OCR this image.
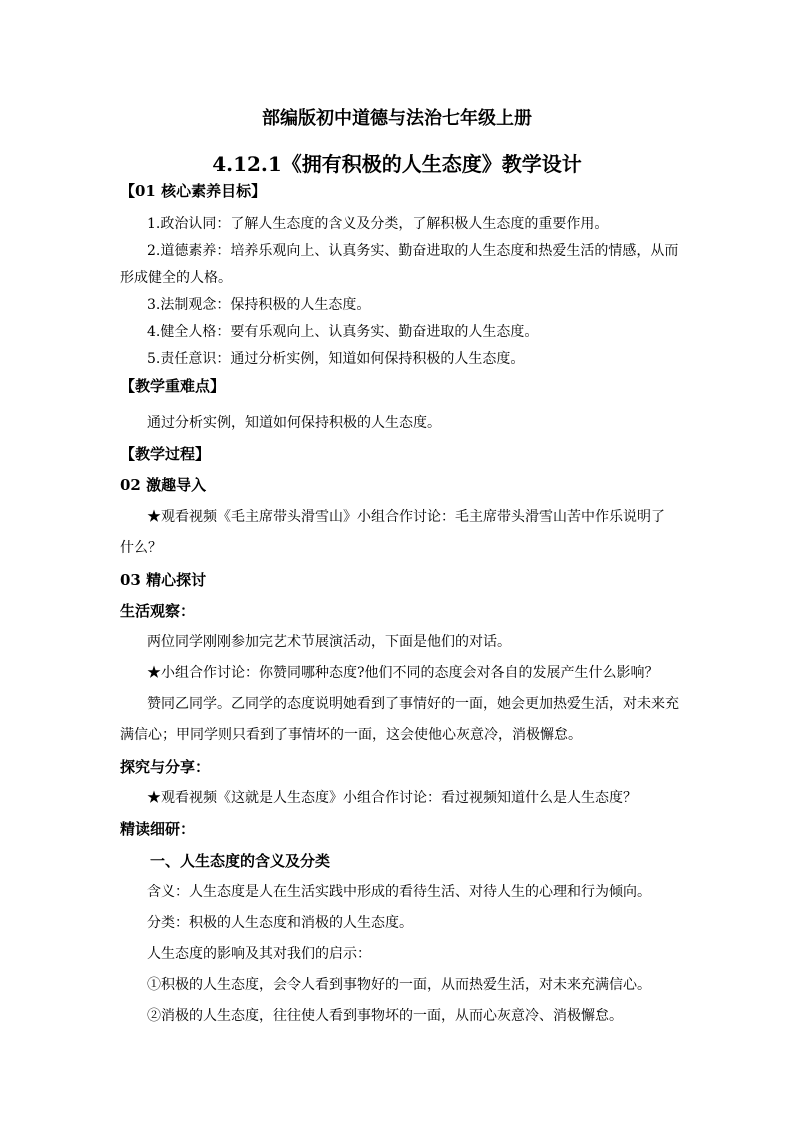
部编版初中道德与法治七年级上册
4.12.1《拥有积极的人生态度》教学设计
【01 核心素养目标】
1.政治认同：了解人生态度的含义及分类，了解积极人生态度的重要作用。
2.道德素养：培养乐观向上、认真务实、勤奋进取的人生态度和热爱生活的情感，从而
形成健全的人格。
3.法制观念：保持积极的人生态度。
4.健全人格：要有乐观向上、认真务实、勤奋进取的人生态度。
5.责任意识：通过分析实例，知道如何保持积极的人生态度。
【教学重难点】
通过分析实例，知道如何保持积极的人生态度。
【教学过程】
02 激趣导入
★观看视频《毛主席带头滑雪山》小组合作讨论：毛主席带头滑雪山苦中作乐说明了
什么？
03 精心探讨
生活观察：
两位同学刚刚参加完艺术节展演活动，下面是他们的对话。
★小组合作讨论：你赞同哪种态度?他们不同的态度会对各自的发展产生什么影响？
赞同乙同学。乙同学的态度说明她看到了事情好的一面，她会更加热爱生活，对未来充
满信心；甲同学则只看到了事情坏的一面，这会使他心灰意冷，消极懈怠。
探究与分享：
★观看视频《这就是人生态度》小组合作讨论：看过视频知道什么是人生态度？
精读细研：
一、人生态度的含义及分类
含义：人生态度是人在生活实践中形成的看待生活、对待人生的心理和行为倾向。
分类：积极的人生态度和消极的人生态度。
人生态度的影响及其对我们的启示：
①积极的人生态度，会令人看到事物好的一面，从而热爱生活，对未来充满信心。
②消极的人生态度，往往使人看到事物坏的一面，从而心灰意冷、消极懈怠。
